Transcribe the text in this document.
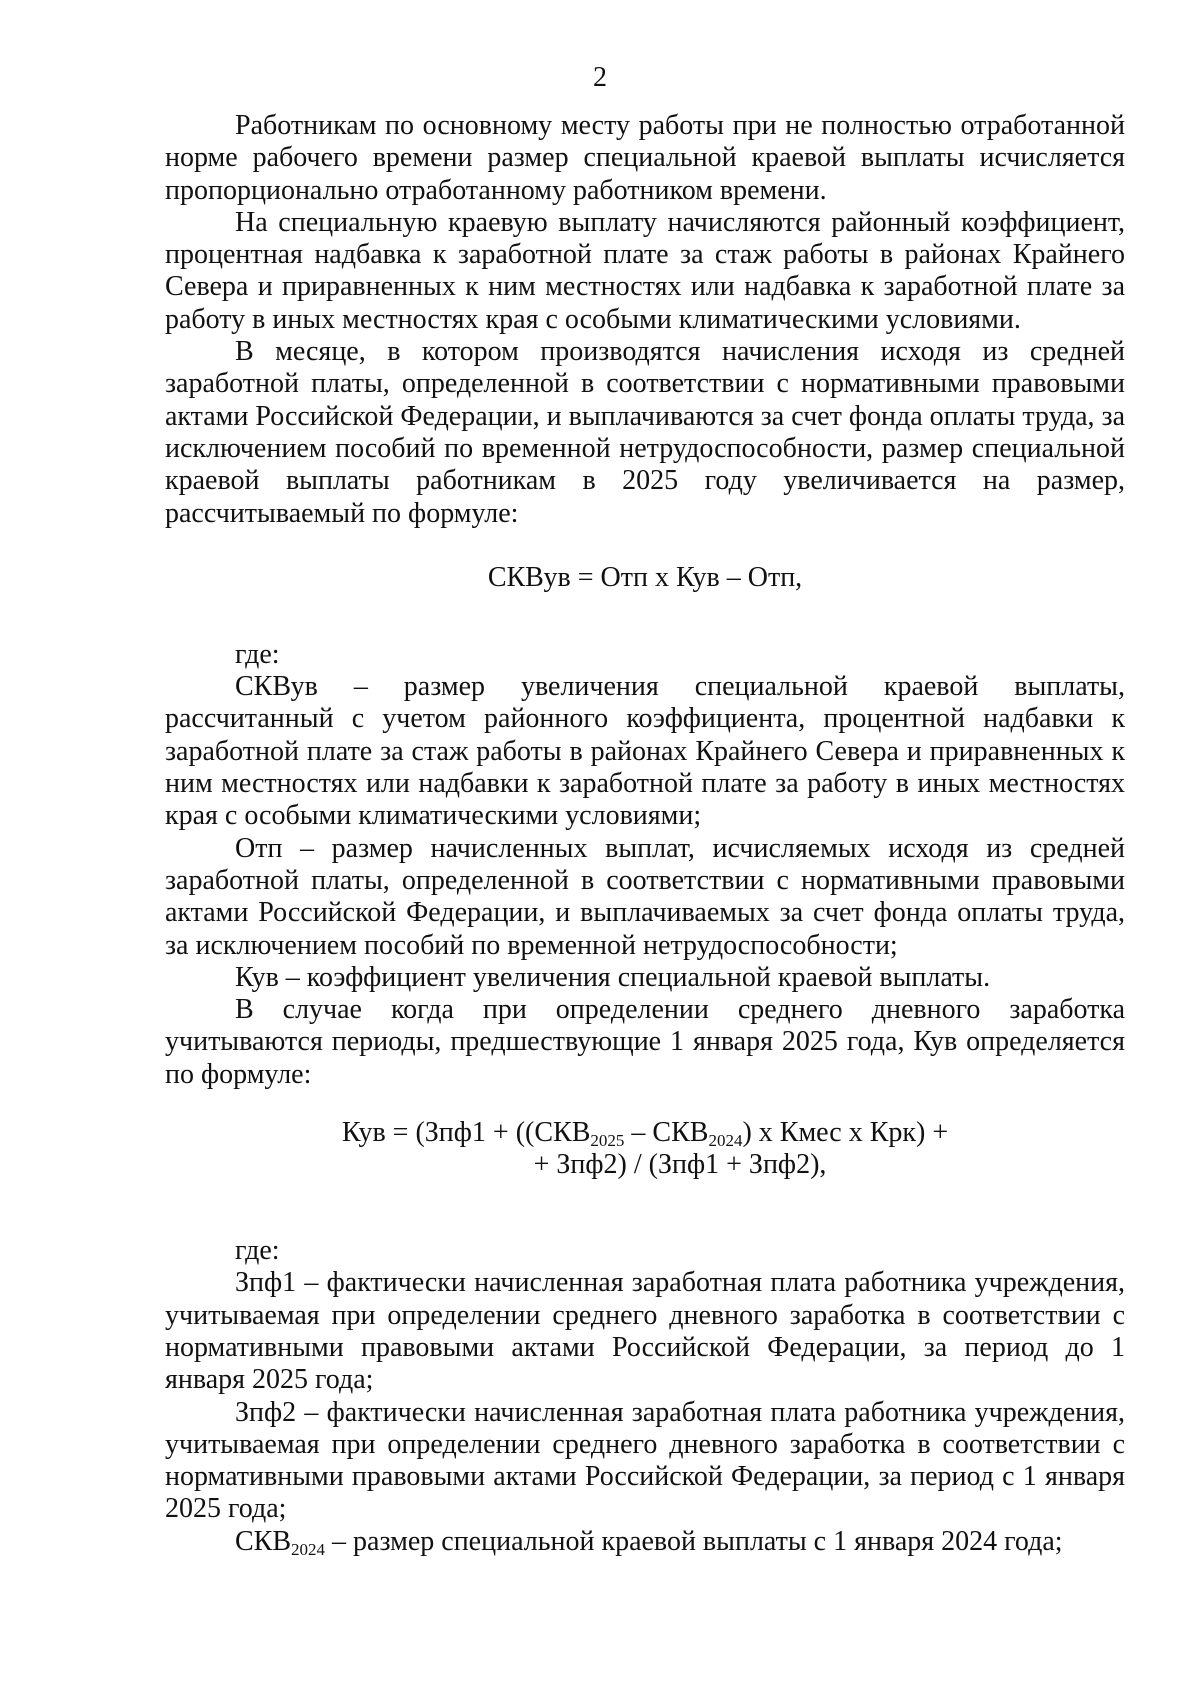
2

Работникам по основному месту работы при не полностью отработанной норме рабочего времени размер специальной краевой выплаты исчисляется пропорционально отработанному работником времени.

На специальную краевую выплату начисляются районный коэффициент, процентная надбавка к заработной плате за стаж работы в районах Крайнего Севера и приравненных к ним местностях или надбавка к заработной плате за работу в иных местностях края с особыми климатическими условиями.

В месяце, в котором производятся начисления исходя из средней заработной платы, определенной в соответствии с нормативными правовыми актами Российской Федерации, и выплачиваются за счет фонда оплаты труда, за исключением пособий по временной нетрудоспособности, размер специальной краевой выплаты работникам в 2025 году увеличивается на размер, рассчитываемый по формуле:

СКВув = Отп х Кув – Отп,

где:

СКВув – размер увеличения специальной краевой выплаты, рассчитанный с учетом районного коэффициента, процентной надбавки к заработной плате за стаж работы в районах Крайнего Севера и приравненных к ним местностях или надбавки к заработной плате за работу в иных местностях края с особыми климатическими условиями;

Отп – размер начисленных выплат, исчисляемых исходя из средней заработной платы, определенной в соответствии с нормативными правовыми актами Российской Федерации, и выплачиваемых за счет фонда оплаты труда, за исключением пособий по временной нетрудоспособности;

Кув – коэффициент увеличения специальной краевой выплаты.

В случае когда при определении среднего дневного заработка учитываются периоды, предшествующие 1 января 2025 года, Кув определяется по формуле:

Кув = ($Зпф1 + ((СКВ_{2025} - СКВ_{2024})$ х Кмес х Крк) +
+ Зпф2) / (Зпф1 + Зпф2),

где:

Зпф1 – фактически начисленная заработная плата работника учреждения, учитываемая при определении среднего дневного заработка в соответствии с нормативными правовыми актами Российской Федерации, за период до 1 января 2025 года;

Зпф2 – фактически начисленная заработная плата работника учреждения, учитываемая при определении среднего дневного заработка в соответствии с нормативными правовыми актами Российской Федерации, за период с 1 января 2025 года;

$СКВ_{2024}$ – размер специальной краевой выплаты с 1 января 2024 года;
